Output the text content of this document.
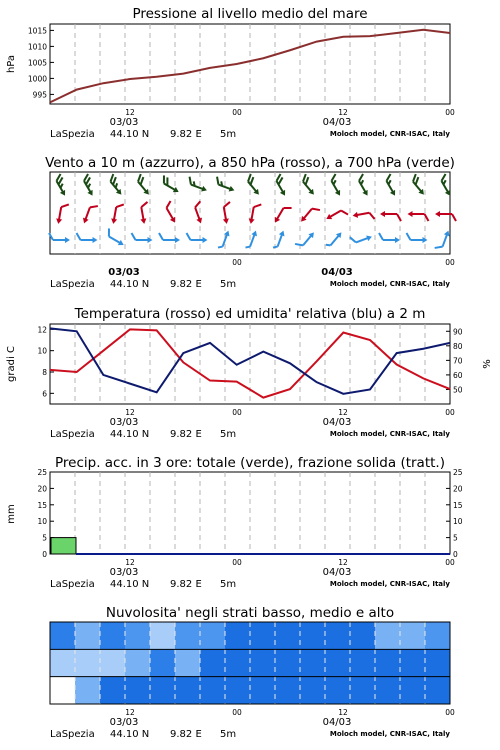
Pressione al livello medio del mare
995
1000
1005
1010
1015
hPa
12	00	12	00
03/03	04/03
LaSpezia 44.10 N 9.82 E 5m	Moloch model, CNR-ISAC, Italy
Vento a 10 m (azzurro), a 850 hPa (rosso), a 700 hPa (verde)
00	00
03/03	04/03
LaSpezia 44.10 N 9.82 E 5m	Moloch model, CNR-ISAC, Italy
Temperatura (rosso) ed umidita' relativa (blu) a 2 m
6
8
10
12
50
60
70
80
90
gradi C	%
12	00	12	00
03/03	04/03
LaSpezia 44.10 N 9.82 E 5m	Moloch model, CNR-ISAC, Italy
Precip. acc. in 3 ore: totale (verde), frazione solida (tratt.)
0	0
5	5
10	10
15	15
20	20
25	25
mm
12	00	12	00
03/03	04/03
LaSpezia 44.10 N 9.82 E 5m	Moloch model, CNR-ISAC, Italy
Nuvolosita' negli strati basso, medio e alto
12	00	12	00
03/03	04/03
LaSpezia 44.10 N 9.82 E 5m	Moloch model, CNR-ISAC, Italy
